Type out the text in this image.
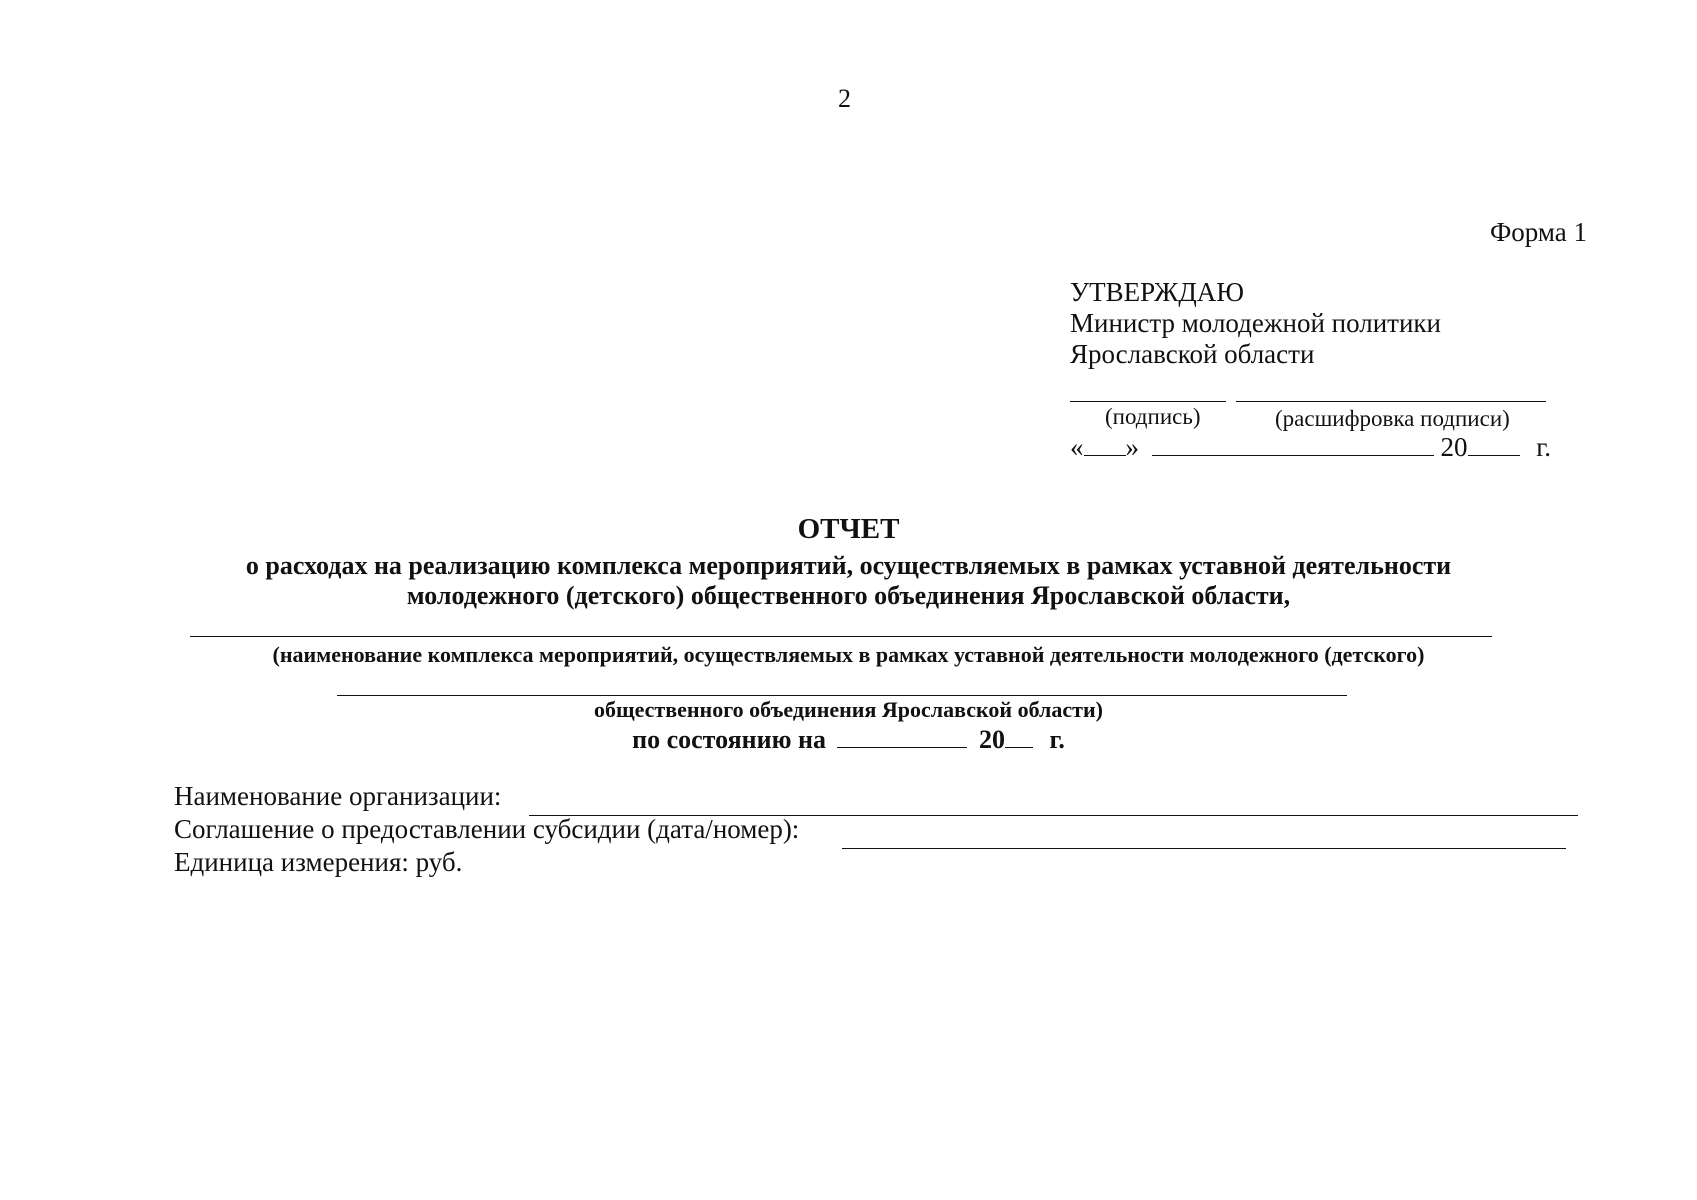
2
Форма 1
УТВЕРЖДАЮ
Министр молодежной политики
Ярославской области
(подпись)	(расшифровка подписи)
« »	20	г.
ОТЧЕТ
о расходах на реализацию комплекса мероприятий, осуществляемых в рамках уставной деятельности
молодежного (детского) общественного объединения Ярославской области,
(наименование комплекса мероприятий, осуществляемых в рамках уставной деятельности молодежного (детского)
общественного объединения Ярославской области)
по состоянию на	20 г.
Наименование организации:
Соглашение о предоставлении субсидии (дата/номер):
Единица измерения: руб.
